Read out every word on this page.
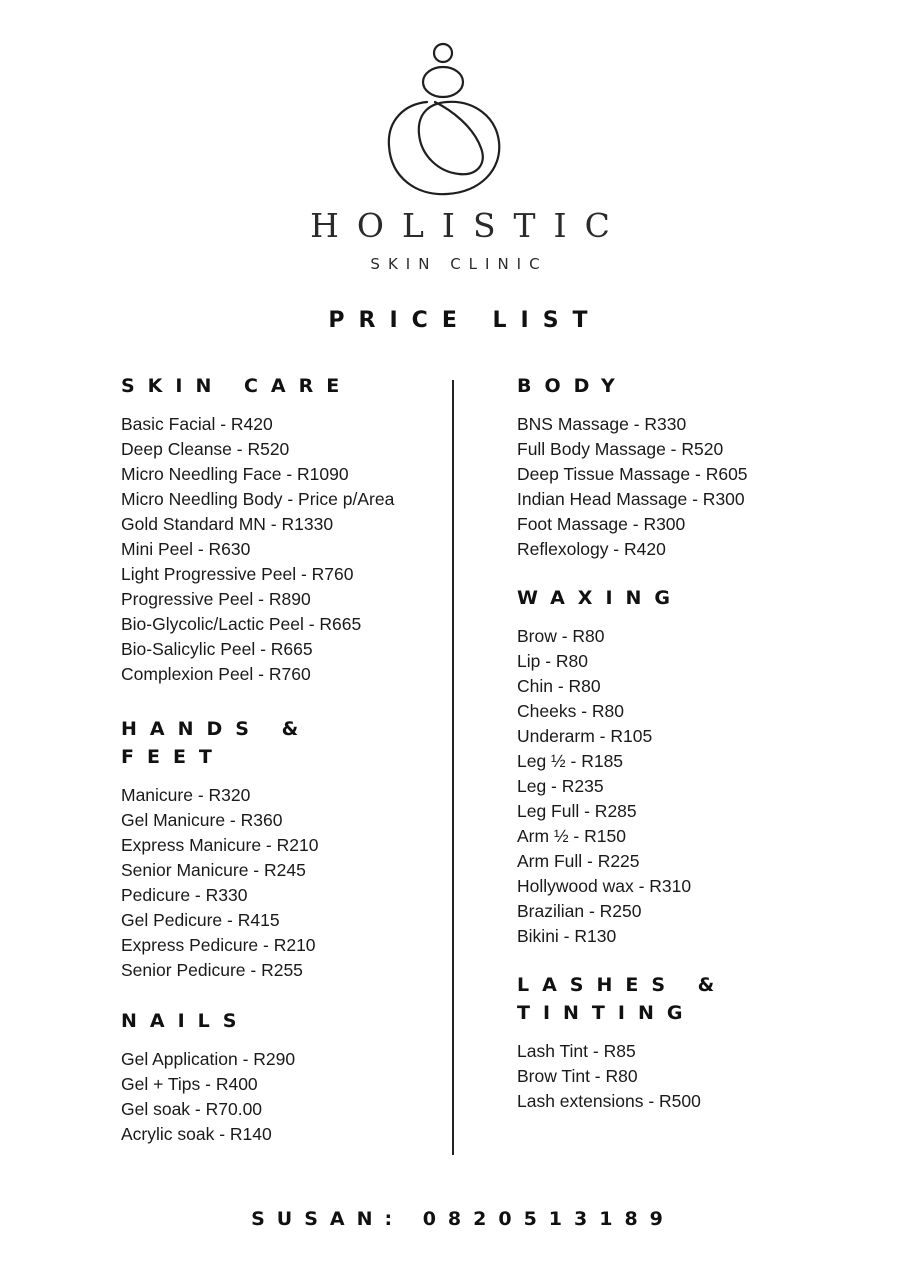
HOLISTIC
SKIN CLINIC
PRICE LIST
SKIN CARE
Basic Facial - R420
Deep Cleanse - R520
Micro Needling Face - R1090
Micro Needling Body - Price p/Area
Gold Standard MN - R1330
Mini Peel - R630
Light Progressive Peel - R760
Progressive Peel - R890
Bio-Glycolic/Lactic Peel - R665
Bio-Salicylic Peel - R665
Complexion Peel - R760
HANDS &
FEET
Manicure - R320
Gel Manicure - R360
Express Manicure - R210
Senior Manicure - R245
Pedicure - R330
Gel Pedicure - R415
Express Pedicure - R210
Senior Pedicure - R255
NAILS
Gel Application - R290
Gel + Tips - R400
Gel soak - R70.00
Acrylic soak - R140
BODY
BNS Massage - R330
Full Body Massage - R520
Deep Tissue Massage - R605
Indian Head Massage - R300
Foot Massage - R300
Reflexology - R420
WAXING
Brow - R80
Lip - R80
Chin - R80
Cheeks - R80
Underarm - R105
Leg ½ - R185
Leg - R235
Leg Full - R285
Arm ½ - R150
Arm Full - R225
Hollywood wax - R310
Brazilian - R250
Bikini - R130
LASHES &
TINTING
Lash Tint - R85
Brow Tint - R80
Lash extensions - R500
SUSAN: 0820513189
